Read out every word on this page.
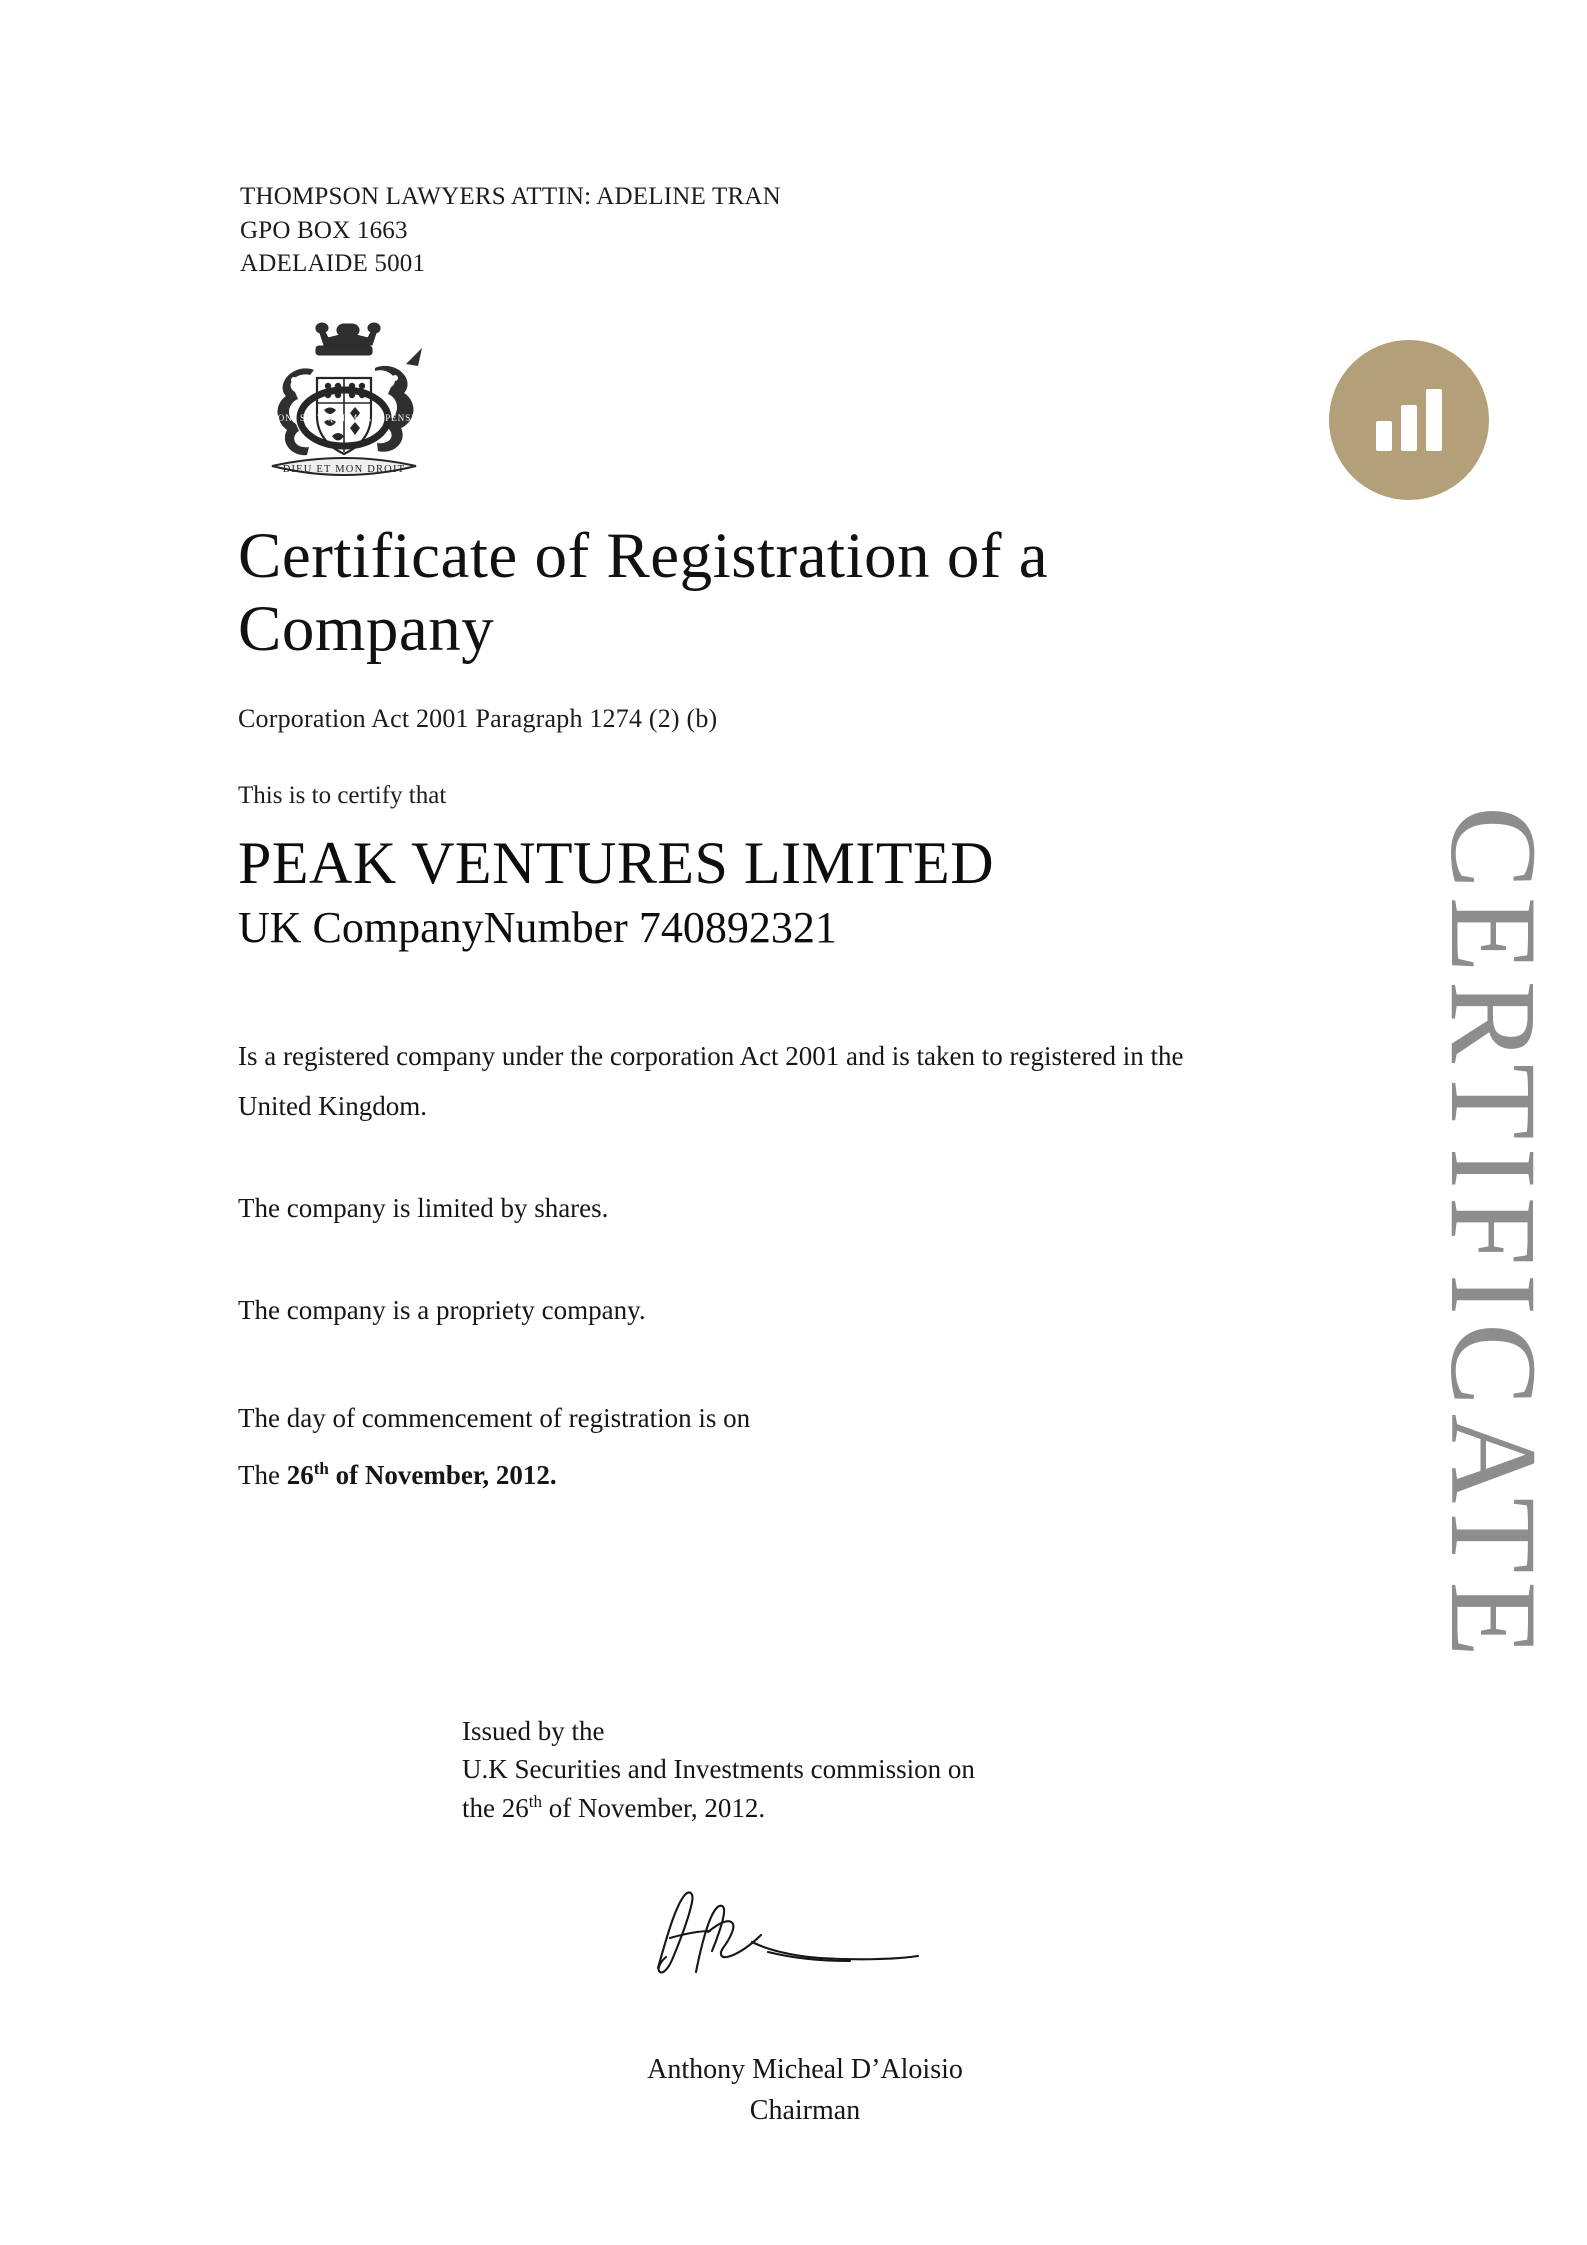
THOMPSON LAWYERS ATTIN: ADELINE TRAN
GPO BOX 1663
ADELAIDE 5001
HONI SOIT QUI MAL Y PENSE
DIEU ET MON DROIT
CERTIFICATE
Certificate of Registration of a Company
Corporation Act 2001 Paragraph 1274 (2) (b)
This is to certify that
PEAK VENTURES LIMITED
UK CompanyNumber 740892321
Is a registered company under the corporation Act 2001 and is taken to registered in the United Kingdom.
The company is limited by shares.
The company is a propriety company.
The day of commencement of registration is on
The 26th of November, 2012.
Issued by the
U.K Securities and Investments commission on
the 26th of November, 2012.
Anthony Micheal D’Aloisio
Chairman
